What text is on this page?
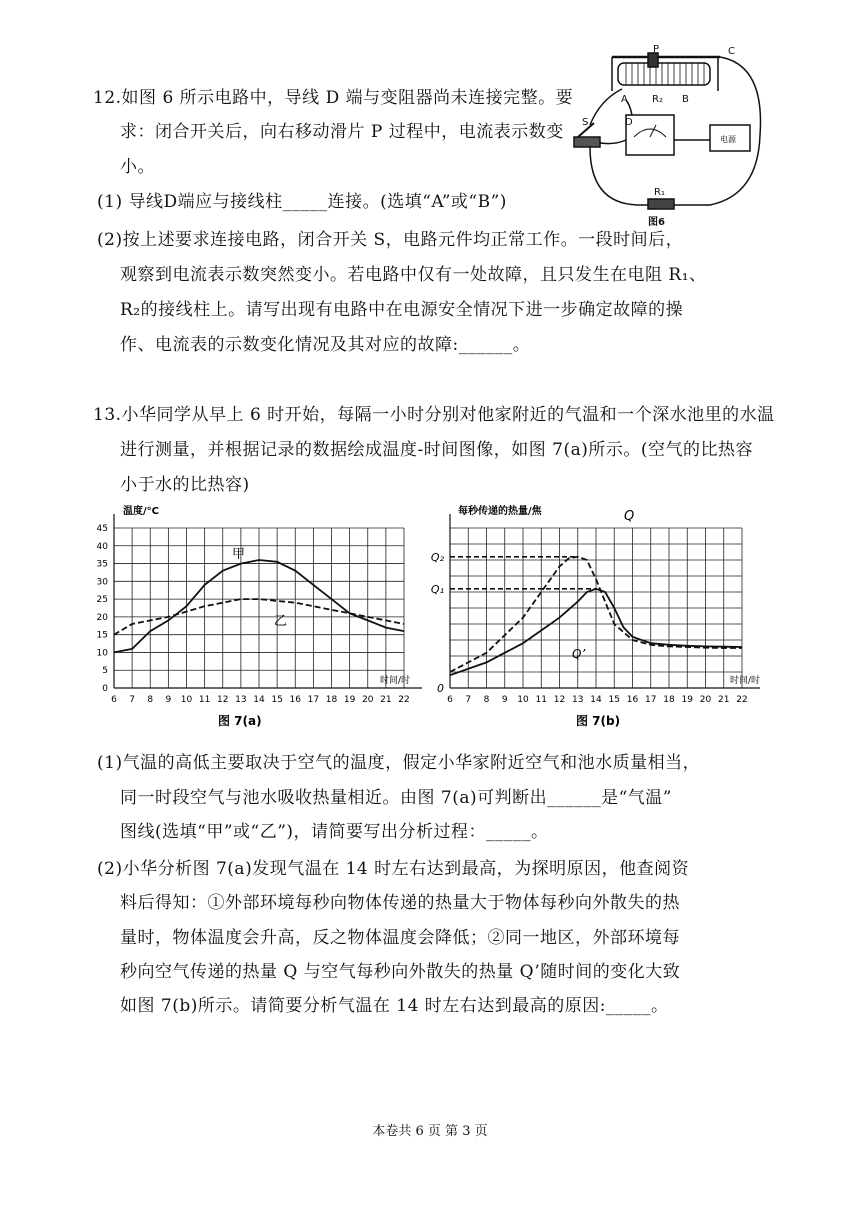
12.如图 6 所示电路中，导线 D 端与变阻器尚未连接完整。要
求：闭合开关后，向右移动滑片 P 过程中，电流表示数变
小。
(1) 导线D端应与接线柱_____连接。(选填“A”或“B”)
(2)按上述要求连接电路，闭合开关 S，电路元件均正常工作。一段时间后，
观察到电流表示数突然变小。若电路中仅有一处故障，且只发生在电阻 R₁、
R₂的接线柱上。请写出现有电路中在电源安全情况下进一步确定故障的操
作、电流表的示数变化情况及其对应的故障:______。
P	C
A R₂ B
S	D
电源
R₁
图6
13.小华同学从早上 6 时开始，每隔一小时分别对他家附近的气温和一个深水池里的水温
进行测量，并根据记录的数据绘成温度-时间图像，如图 7(a)所示。(空气的比热容
小于水的比热容)
6 7 8 9 10 11 12 13 14 15 16 17 18 19 20 21 22
0
5
10
15
20
25
30
35
40
45
温度/°C
时间/时
甲
乙
图 7(a)
6 7 8 9 10 11 12 13 14 15 16 17 18 19 20 21 22
0
Q₁
Q₂
每秒传递的热量/焦
时间/时
Q
Q’
图 7(b)
(1)气温的高低主要取决于空气的温度，假定小华家附近空气和池水质量相当，
同一时段空气与池水吸收热量相近。由图 7(a)可判断出______是“气温”
图线(选填“甲”或“乙”)，请简要写出分析过程：_____。
(2)小华分析图 7(a)发现气温在 14 时左右达到最高，为探明原因，他查阅资
料后得知：①外部环境每秒向物体传递的热量大于物体每秒向外散失的热
量时，物体温度会升高，反之物体温度会降低；②同一地区，外部环境每
秒向空气传递的热量 Q 与空气每秒向外散失的热量 Q’随时间的变化大致
如图 7(b)所示。请简要分析气温在 14 时左右达到最高的原因:_____。
本卷共 6 页 第 3 页
